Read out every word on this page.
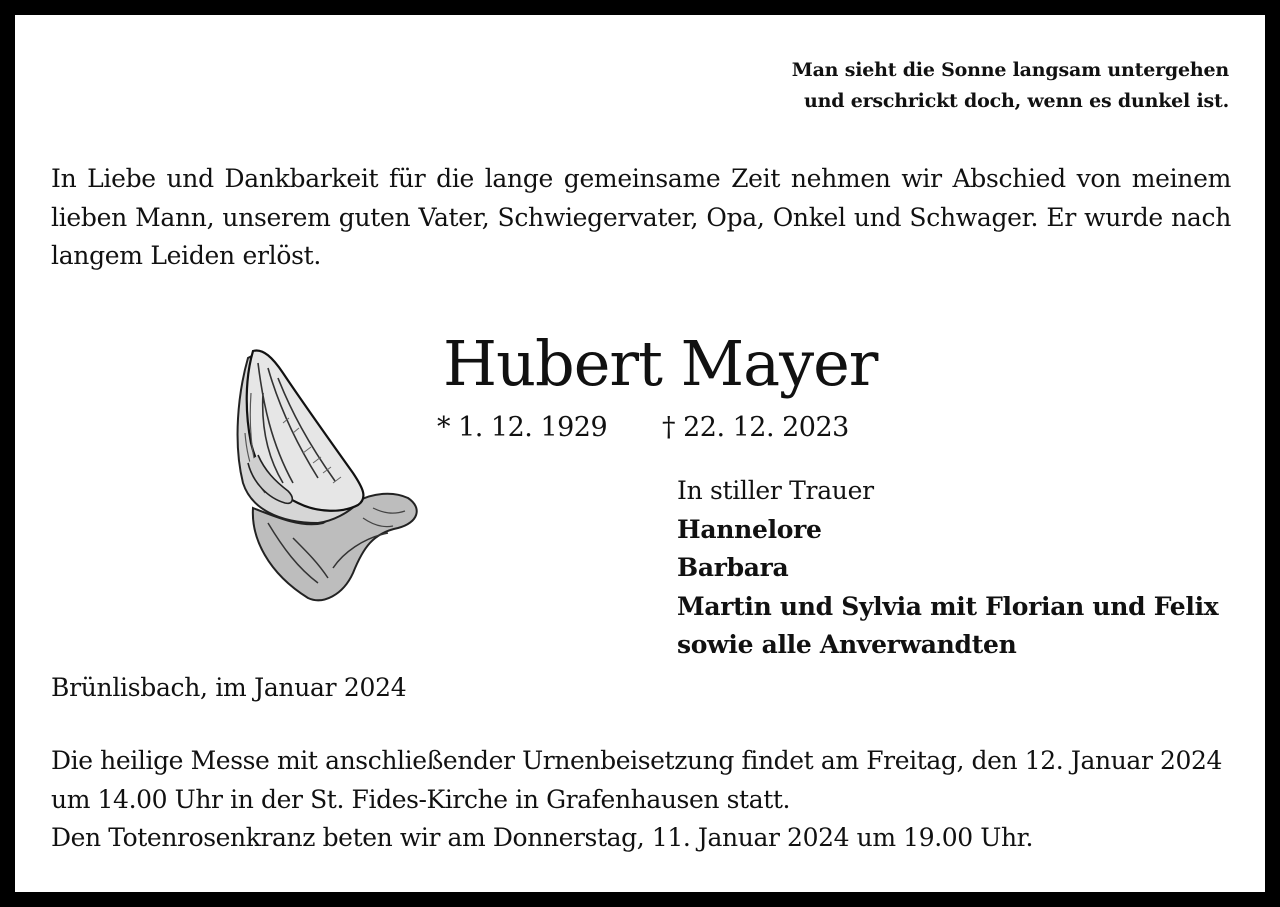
Man sieht die Sonne langsam untergehen
und erschrickt doch, wenn es dunkel ist.
In Liebe und Dankbarkeit für die lange gemeinsame Zeit nehmen wir Abschied von meinem lieben Mann, unserem guten Vater, Schwiegervater, Opa, Onkel und Schwager. Er wurde nach langem Leiden erlöst.
Hubert Mayer
* 1. 12. 1929 † 22. 12. 2023
In stiller Trauer
Hannelore
Barbara
Martin und Sylvia mit Florian und Felix
sowie alle Anverwandten
Brünlisbach, im Januar 2024
Die heilige Messe mit anschließender Urnenbeisetzung findet am Freitag, den 12. Januar 2024
um 14.00 Uhr in der St. Fides-Kirche in Grafenhausen statt.
Den Totenrosenkranz beten wir am Donnerstag, 11. Januar 2024 um 19.00 Uhr.
